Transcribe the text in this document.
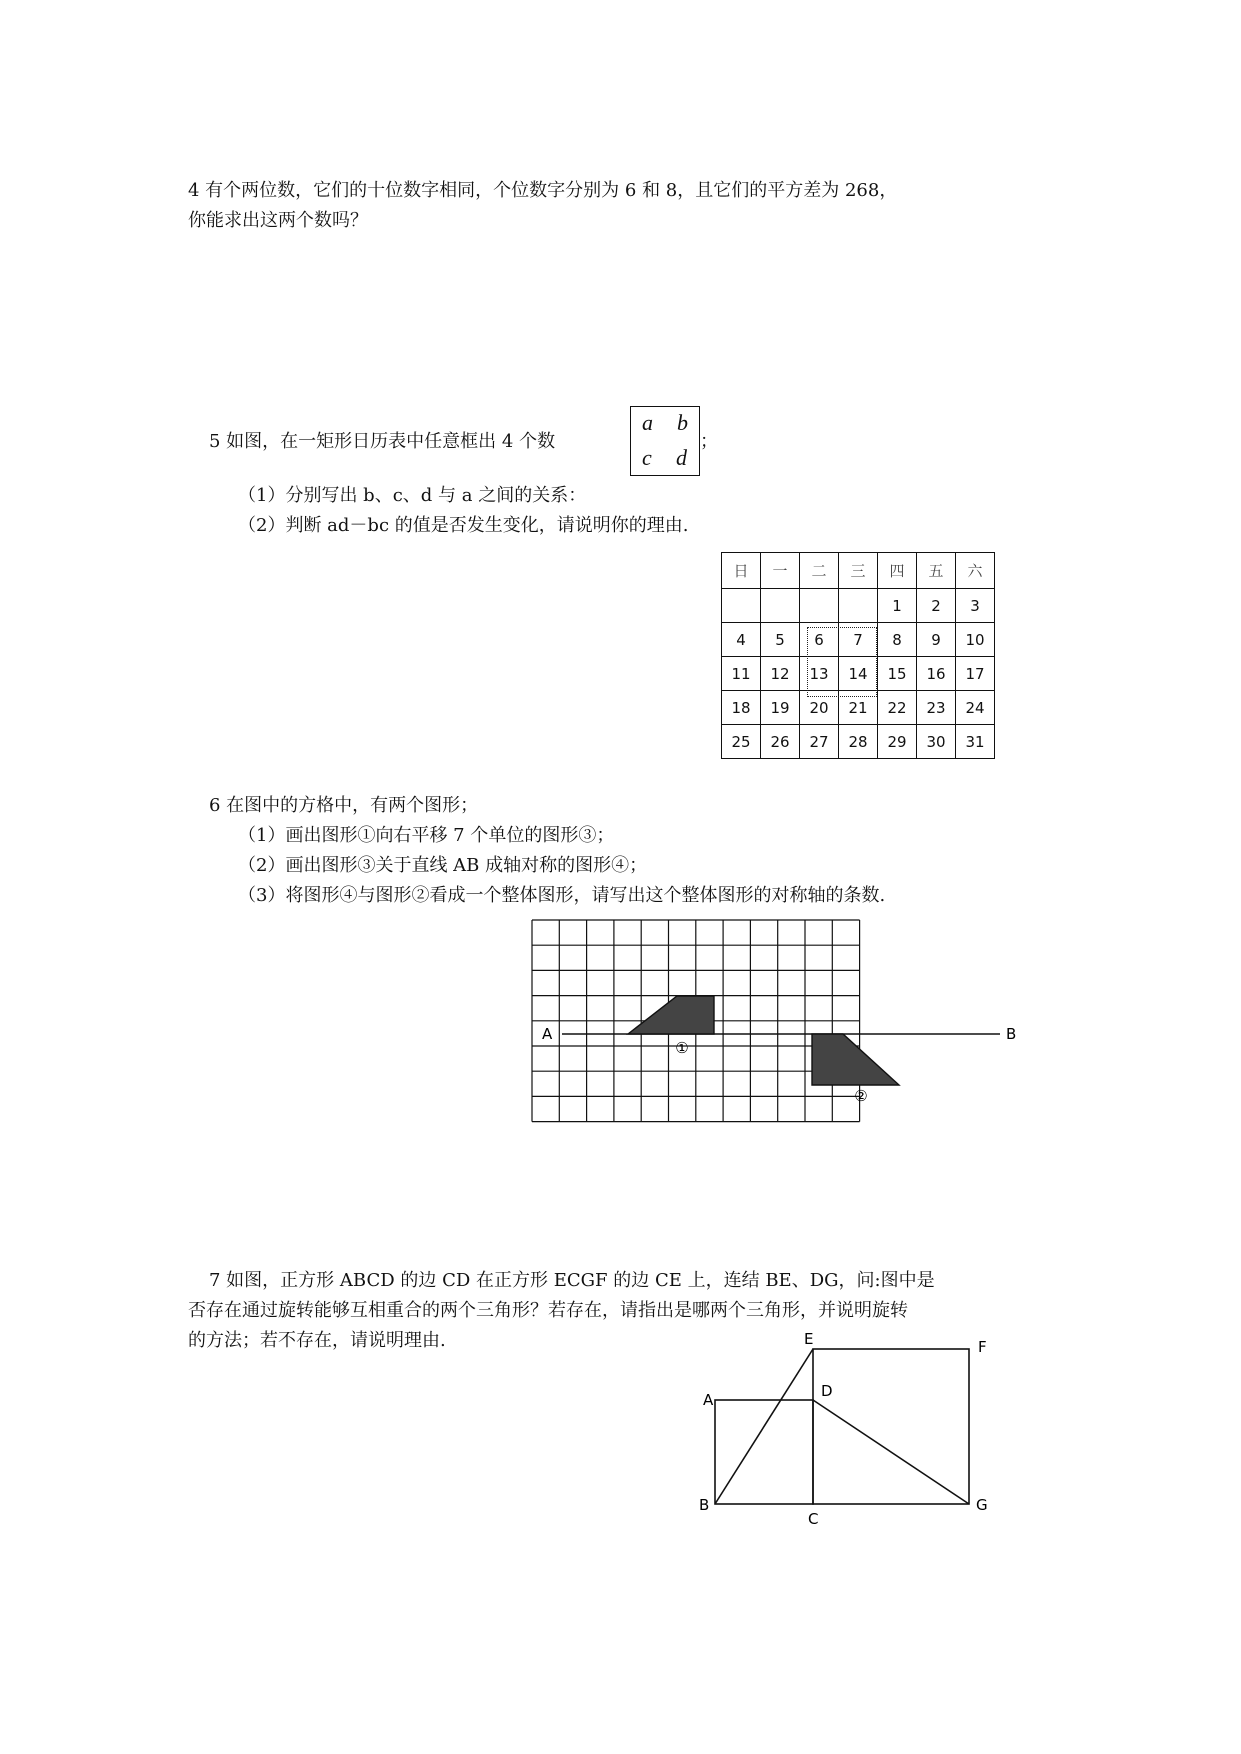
4 有个两位数，它们的十位数字相同，个位数字分别为 6 和 8，且它们的平方差为 268，
你能求出这两个数吗？
5 如图，在一矩形日历表中任意框出 4 个数
a b
c d
；
（1）分别写出 b、c、d 与 a 之间的关系：
（2）判断 ad－bc 的值是否发生变化，请说明你的理由.
日	一	二	三	四	五	六
				1	2	3
4	5	6	7	8	9	10
11	12	13	14	15	16	17
18	19	20	21	22	23	24
25	26	27	28	29	30	31
6 在图中的方格中，有两个图形；
（1）画出图形①向右平移 7 个单位的图形③；
（2）画出图形③关于直线 AB 成轴对称的图形④；
（3）将图形④与图形②看成一个整体图形，请写出这个整体图形的对称轴的条数.
A	B
①
②
7 如图，正方形 ABCD 的边 CD 在正方形 ECGF 的边 CE 上，连结 BE、DG，问:图中是
否存在通过旋转能够互相重合的两个三角形？若存在，请指出是哪两个三角形，并说明旋转
的方法；若不存在，请说明理由.
A
B
C
D
E	F
G
